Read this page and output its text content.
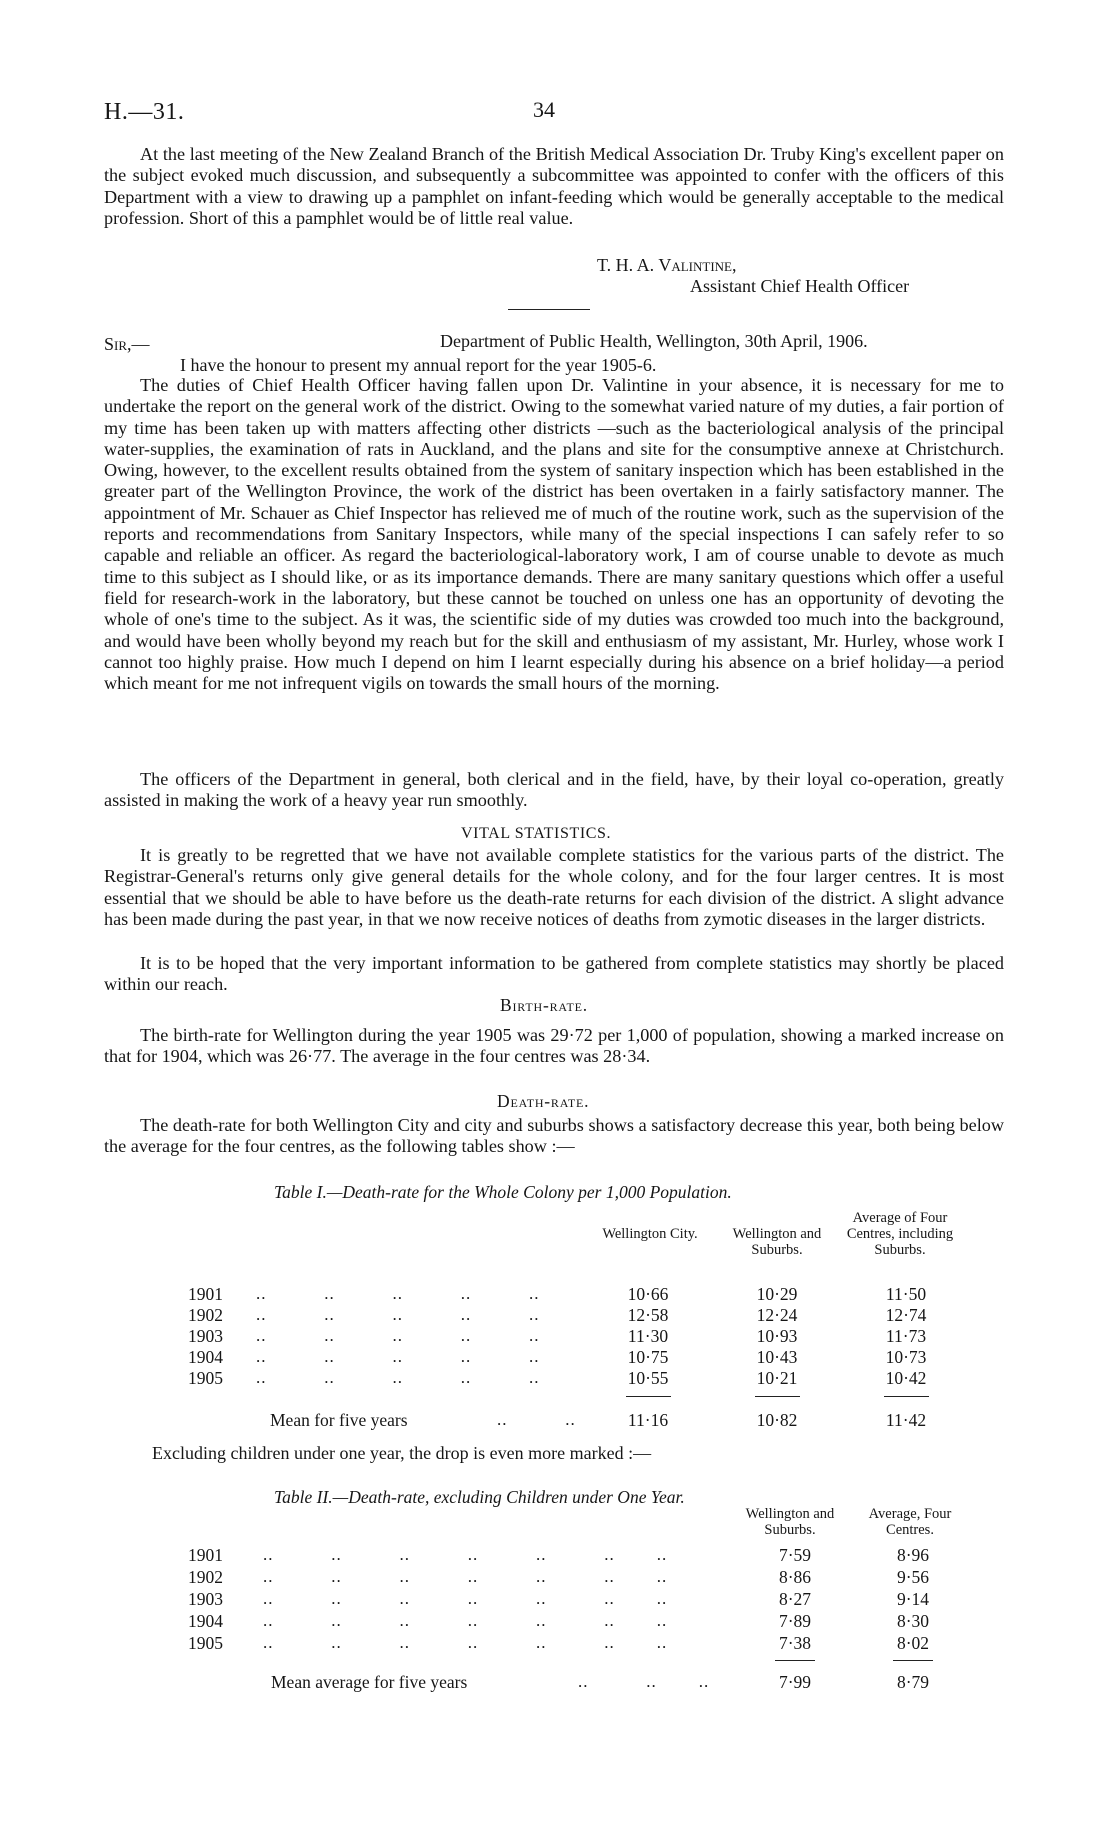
H.—31.	34

At the last meeting of the New Zealand Branch of the British Medical Association Dr. Truby King's excellent paper on the subject evoked much discussion, and subsequently a subcommittee was appointed to confer with the officers of this Department with a view to drawing up a pamphlet on infant-feeding which would be generally acceptable to the medical profession. Short of this a pamphlet would be of little real value.

T. H. A. Valintine,
Assistant Chief Health Officer
Sir,—	Department of Public Health, Wellington, 30th April, 1906.
I have the honour to present my annual report for the year 1905-6.

The duties of Chief Health Officer having fallen upon Dr. Valintine in your absence, it is necessary for me to undertake the report on the general work of the district. Owing to the somewhat varied nature of my duties, a fair portion of my time has been taken up with matters affecting other districts —such as the bacteriological analysis of the principal water-supplies, the examination of rats in Auckland, and the plans and site for the consumptive annexe at Christchurch. Owing, however, to the excellent results obtained from the system of sanitary inspection which has been established in the greater part of the Wellington Province, the work of the district has been overtaken in a fairly satisfactory manner. The appointment of Mr. Schauer as Chief Inspector has relieved me of much of the routine work, such as the supervision of the reports and recommendations from Sanitary Inspectors, while many of the special inspections I can safely refer to so capable and reliable an officer. As regard the bacteriological-laboratory work, I am of course unable to devote as much time to this subject as I should like, or as its importance demands. There are many sanitary questions which offer a useful field for research-work in the laboratory, but these cannot be touched on unless one has an opportunity of devoting the whole of one's time to the subject. As it was, the scientific side of my duties was crowded too much into the background, and would have been wholly beyond my reach but for the skill and enthusiasm of my assistant, Mr. Hurley, whose work I cannot too highly praise. How much I depend on him I learnt especially during his absence on a brief holiday—a period which meant for me not infrequent vigils on towards the small hours of the morning.

The officers of the Department in general, both clerical and in the field, have, by their loyal co-operation, greatly assisted in making the work of a heavy year run smoothly.

VITAL STATISTICS.

It is greatly to be regretted that we have not available complete statistics for the various parts of the district. The Registrar-General's returns only give general details for the whole colony, and for the four larger centres. It is most essential that we should be able to have before us the death-rate returns for each division of the district. A slight advance has been made during the past year, in that we now receive notices of deaths from zymotic diseases in the larger districts.

It is to be hoped that the very important information to be gathered from complete statistics may shortly be placed within our reach.

Birth-rate.

The birth-rate for Wellington during the year 1905 was 29·72 per 1,000 of population, showing a marked increase on that for 1904, which was 26·77. The average in the four centres was 28·34.

Death-rate.

The death-rate for both Wellington City and city and suburbs shows a satisfactory decrease this year, both being below the average for the four centres, as the following tables show :—

Table I.—Death-rate for the Whole Colony per 1,000 Population.
Wellington City.	Wellington and Suburbs.
Average of Four Centres, including Suburbs.
1901 ..           ..           ..           ..           ..	10·66	10·29	11·50
1902 ..           ..           ..           ..           ..	12·58	12·24	12·74
1903 ..           ..           ..           ..           ..	11·30	10·93	11·73
1904 ..           ..           ..           ..           ..	10·75	10·43	10·73
1905 ..           ..           ..           ..           ..	10·55	10·21	10·42
Mean for five years	..           ..	11·16	10·82	11·42
Excluding children under one year, the drop is even more marked :—
Table II.—Death-rate, excluding Children under One Year.
Wellington and Suburbs.
Average, Four Centres.
1901 ..           ..           ..           ..           ..           ..        ..	7·59	8·96
1902 ..           ..           ..           ..           ..           ..        ..	8·86	9·56
1903 ..           ..           ..           ..           ..           ..        ..	8·27	9·14
1904 ..           ..           ..           ..           ..           ..        ..	7·89	8·30
1905 ..           ..           ..           ..           ..           ..        ..	7·38	8·02
Mean average for five years	..           ..        ..	7·99	8·79
